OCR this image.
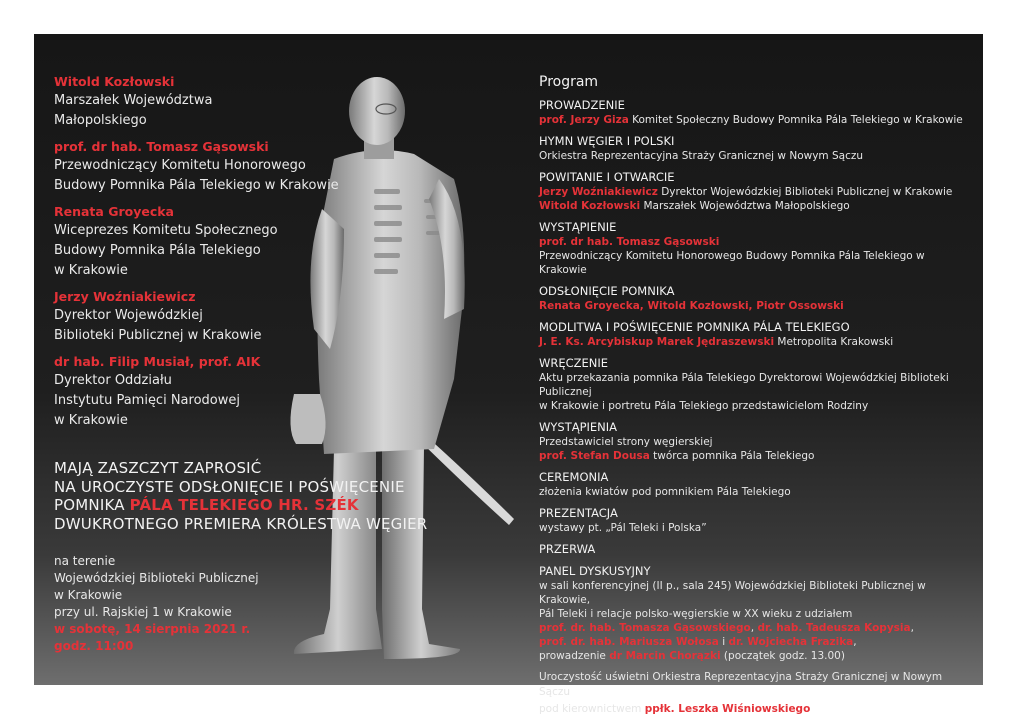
Witold Kozłowski
Marszałek Województwa
Małopolskiego
prof. dr hab. Tomasz Gąsowski
Przewodniczący Komitetu Honorowego
Budowy Pomnika Pála Telekiego w Krakowie
Renata Groyecka
Wiceprezes Komitetu Społecznego
Budowy Pomnika Pála Telekiego
w Krakowie
Jerzy Woźniakiewicz
Dyrektor Wojewódzkiej
Biblioteki Publicznej w Krakowie
dr hab. Filip Musiał, prof. AIK
Dyrektor Oddziału
Instytutu Pamięci Narodowej
w Krakowie
MAJĄ ZASZCZYT ZAPROSIĆ
NA UROCZYSTE ODSŁONIĘCIE I POŚWIĘCENIE
POMNIKA PÁLA TELEKIEGO HR. SZÉK
DWUKROTNEGO PREMIERA KRÓLESTWA WĘGIER
na terenie
Wojewódzkiej Biblioteki Publicznej
w Krakowie
przy ul. Rajskiej 1 w Krakowie
w sobotę, 14 sierpnia 2021 r.
godz. 11:00
Program
PROWADZENIE
prof. Jerzy Giza Komitet Społeczny Budowy Pomnika Pála Telekiego w Krakowie
HYMN WĘGIER I POLSKI
Orkiestra Reprezentacyjna Straży Granicznej w Nowym Sączu
POWITANIE I OTWARCIE
Jerzy Woźniakiewicz Dyrektor Wojewódzkiej Biblioteki Publicznej w Krakowie
Witold Kozłowski Marszałek Województwa Małopolskiego
WYSTĄPIENIE
prof. dr hab. Tomasz Gąsowski
Przewodniczący Komitetu Honorowego Budowy Pomnika Pála Telekiego w Krakowie
ODSŁONIĘCIE POMNIKA
Renata Groyecka, Witold Kozłowski, Piotr Ossowski
MODLITWA I POŚWIĘCENIE POMNIKA PÁLA TELEKIEGO
J. E. Ks. Arcybiskup Marek Jędraszewski Metropolita Krakowski
WRĘCZENIE
Aktu przekazania pomnika Pála Telekiego Dyrektorowi Wojewódzkiej Biblioteki Publicznej
w Krakowie i portretu Pála Telekiego przedstawicielom Rodziny
WYSTĄPIENIA
Przedstawiciel strony węgierskiej
prof. Stefan Dousa twórca pomnika Pála Telekiego
CEREMONIA
złożenia kwiatów pod pomnikiem Pála Telekiego
PREZENTACJA
wystawy pt. „Pál Teleki i Polska”
PRZERWA
PANEL DYSKUSYJNY
w sali konferencyjnej (II p., sala 245) Wojewódzkiej Biblioteki Publicznej w Krakowie,
Pál Teleki i relacje polsko-węgierskie w XX wieku z udziałem
prof. dr. hab. Tomasza Gąsowskiego, dr. hab. Tadeusza Kopysia,
prof. dr. hab. Mariusza Wołosa i dr. Wojciecha Frazika,
prowadzenie dr Marcin Chorązki (początek godz. 13.00)
Uroczystość uświetni Orkiestra Reprezentacyjna Straży Granicznej w Nowym Sączu
pod kierownictwem ppłk. Leszka Wiśniowskiego
